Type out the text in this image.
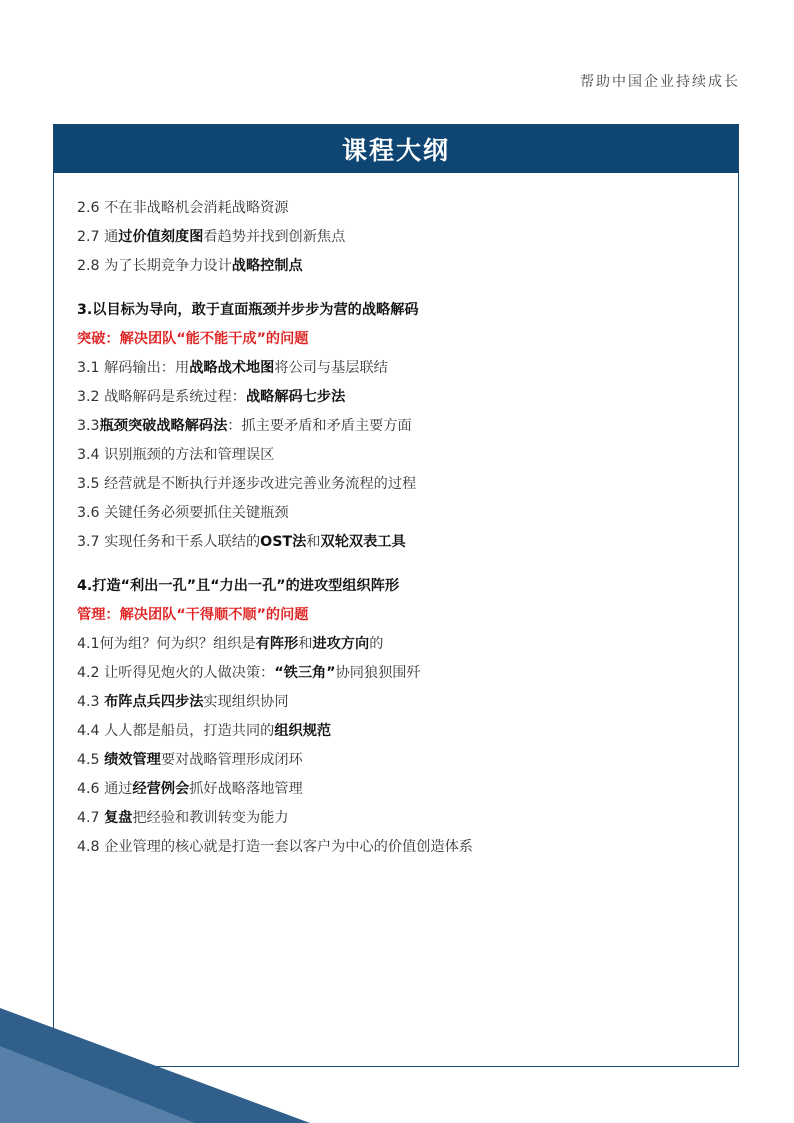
帮助中国企业持续成长
课程大纲
2.6 不在非战略机会消耗战略资源
2.7 通过价值刻度图看趋势并找到创新焦点
2.8 为了长期竞争力设计战略控制点
3.以目标为导向，敢于直面瓶颈并步步为营的战略解码
突破：解决团队“能不能干成”的问题
3.1 解码输出：用战略战术地图将公司与基层联结
3.2 战略解码是系统过程：战略解码七步法
3.3瓶颈突破战略解码法：抓主要矛盾和矛盾主要方面
3.4 识别瓶颈的方法和管理误区
3.5 经营就是不断执行并逐步改进完善业务流程的过程
3.6 关键任务必须要抓住关键瓶颈
3.7 实现任务和干系人联结的OST法和双轮双表工具
4.打造“利出一孔”且“力出一孔”的进攻型组织阵形
管理：解决团队“干得顺不顺”的问题
4.1何为组？何为织？组织是有阵形和进攻方向的
4.2 让听得见炮火的人做决策：“铁三角”协同狼狈围歼
4.3 布阵点兵四步法实现组织协同
4.4 人人都是船员，打造共同的组织规范
4.5 绩效管理要对战略管理形成闭环
4.6 通过经营例会抓好战略落地管理
4.7 复盘把经验和教训转变为能力
4.8 企业管理的核心就是打造一套以客户为中心的价值创造体系
